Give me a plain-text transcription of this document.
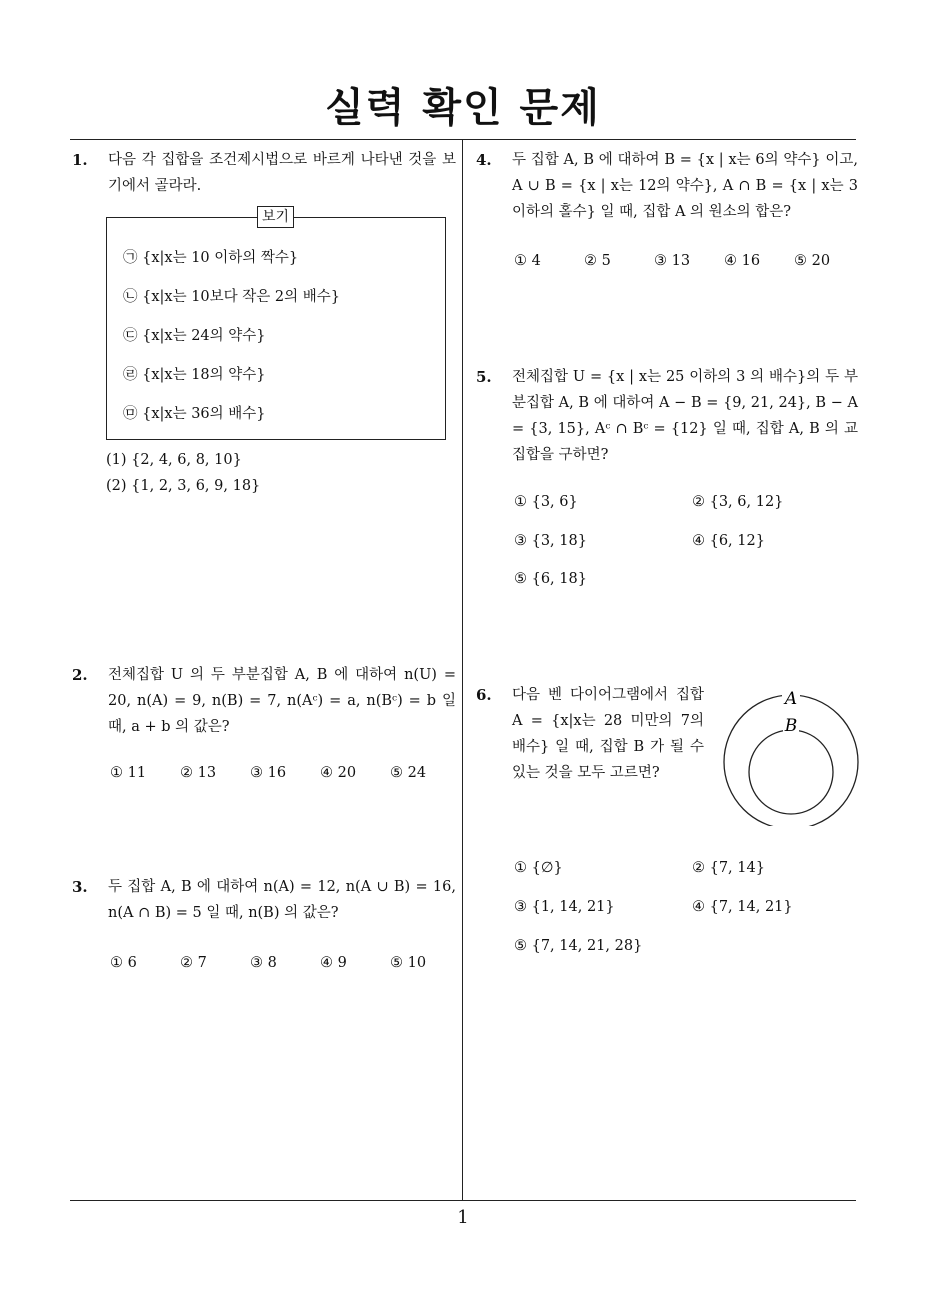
실력 확인 문제
1
1. 다음 각 집합을 조건제시법으로 바르게 나타낸 것을 보기에서 골라라.
보기
㉠ {x|x는 10 이하의 짝수}
㉡ {x|x는 10보다 작은 2의 배수}
㉢ {x|x는 24의 약수}
㉣ {x|x는 18의 약수}
㉤ {x|x는 36의 배수}
(1) {2, 4, 6, 8, 10}
(2) {1, 2, 3, 6, 9, 18}
2. 전체집합 U 의 두 부분집합 A, B 에 대하여 n(U) = 20, n(A) = 9, n(B) = 7, n(Aᶜ) = a, n(Bᶜ) = b 일 때, a + b 의 값은?
① 11	② 13	③ 16	④ 20	⑤ 24
3. 두 집합 A, B 에 대하여 n(A) = 12, n(A ∪ B) = 16, n(A ∩ B) = 5 일 때, n(B) 의 값은?
① 6	② 7	③ 8	④ 9	⑤ 10
4. 두 집합 A, B 에 대하여 B = {x | x는 6의 약수} 이고, A ∪ B = {x | x는 12의 약수}, A ∩ B = {x | x는 3 이하의 홀수} 일 때, 집합 A 의 원소의 합은?
① 4	② 5	③ 13	④ 16	⑤ 20
5. 전체집합 U = {x | x는 25 이하의 3 의 배수}의 두 부분집합 A, B 에 대하여 A − B = {9, 21, 24}, B − A = {3, 15}, Aᶜ ∩ Bᶜ = {12} 일 때, 집합 A, B 의 교집합을 구하면?
① {3, 6}	② {3, 6, 12}
③ {3, 18}	④ {6, 12}
⑤ {6, 18}
6. 다음 벤 다이어그램에서 집합 A = {x|x는 28 미만의 7의 배수} 일 때, 집합 B 가 될 수 있는 것을 모두 고르면?
A
B
① {∅}	② {7, 14}
③ {1, 14, 21}	④ {7, 14, 21}
⑤ {7, 14, 21, 28}
